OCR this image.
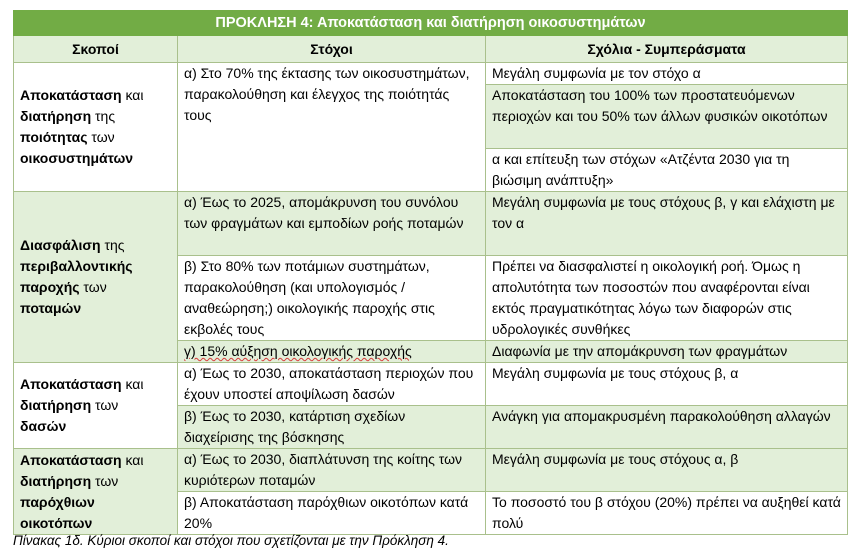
ΠΡΟΚΛΗΣΗ 4: Αποκατάσταση και διατήρηση οικοσυστημάτων		
Σκοποί	Στόχοι	Σχόλια - Συμπεράσματα
Αποκατάσταση και
διατήρηση της
ποιότητας των
οικοσυστημάτων	α) Στο 70% της έκτασης των οικοσυστημάτων, παρακολούθηση και έλεγχος της ποιότητάς τους	Μεγάλη συμφωνία με τον στόχο α
		Αποκατάσταση του 100% των προστατευόμενων περιοχών και του 50% των άλλων φυσικών οικοτόπων
		α και επίτευξη των στόχων «Ατζέντα 2030 για τη βιώσιμη ανάπτυξη»
Διασφάλιση της
περιβαλλοντικής
παροχής των
ποταμών	α) Έως το 2025, απομάκρυνση του συνόλου των φραγμάτων και εμποδίων ροής ποταμών	Μεγάλη συμφωνία με τους στόχους β, γ και ελάχιστη με τον α
	β) Στο 80% των ποτάμιων συστημάτων, παρακολούθηση (και υπολογισμός /αναθεώρηση;) οικολογικής παροχής στις εκβολές τους	Πρέπει να διασφαλιστεί η οικολογική ροή. Όμως η απολυτότητα των ποσοστών που αναφέρονται είναι εκτός πραγματικότητας λόγω των διαφορών στις υδρολογικές συνθήκες
	γ) 15% αύξηση οικολογικής παροχής	Διαφωνία με την απομάκρυνση των φραγμάτων
Αποκατάσταση και
διατήρηση των
δασών	α) Έως το 2030, αποκατάσταση περιοχών που έχουν υποστεί αποψίλωση δασών	Μεγάλη συμφωνία με τους στόχους β, α
	β) Έως το 2030, κατάρτιση σχεδίων διαχείρισης της βόσκησης	Ανάγκη για απομακρυσμένη παρακολούθηση αλλαγών
Αποκατάσταση και
διατήρηση των
παρόχθιων
οικοτόπων	α) Έως το 2030, διαπλάτυνση της κοίτης των κυριότερων ποταμών	Μεγάλη συμφωνία με τους στόχους α, β
	β) Αποκατάσταση παρόχθιων οικοτόπων κατά 20%	Το ποσοστό του β στόχου (20%) πρέπει να αυξηθεί κατά πολύ
Πίνακας 1δ. Κύριοι σκοποί και στόχοι που σχετίζονται με την Πρόκληση 4.
